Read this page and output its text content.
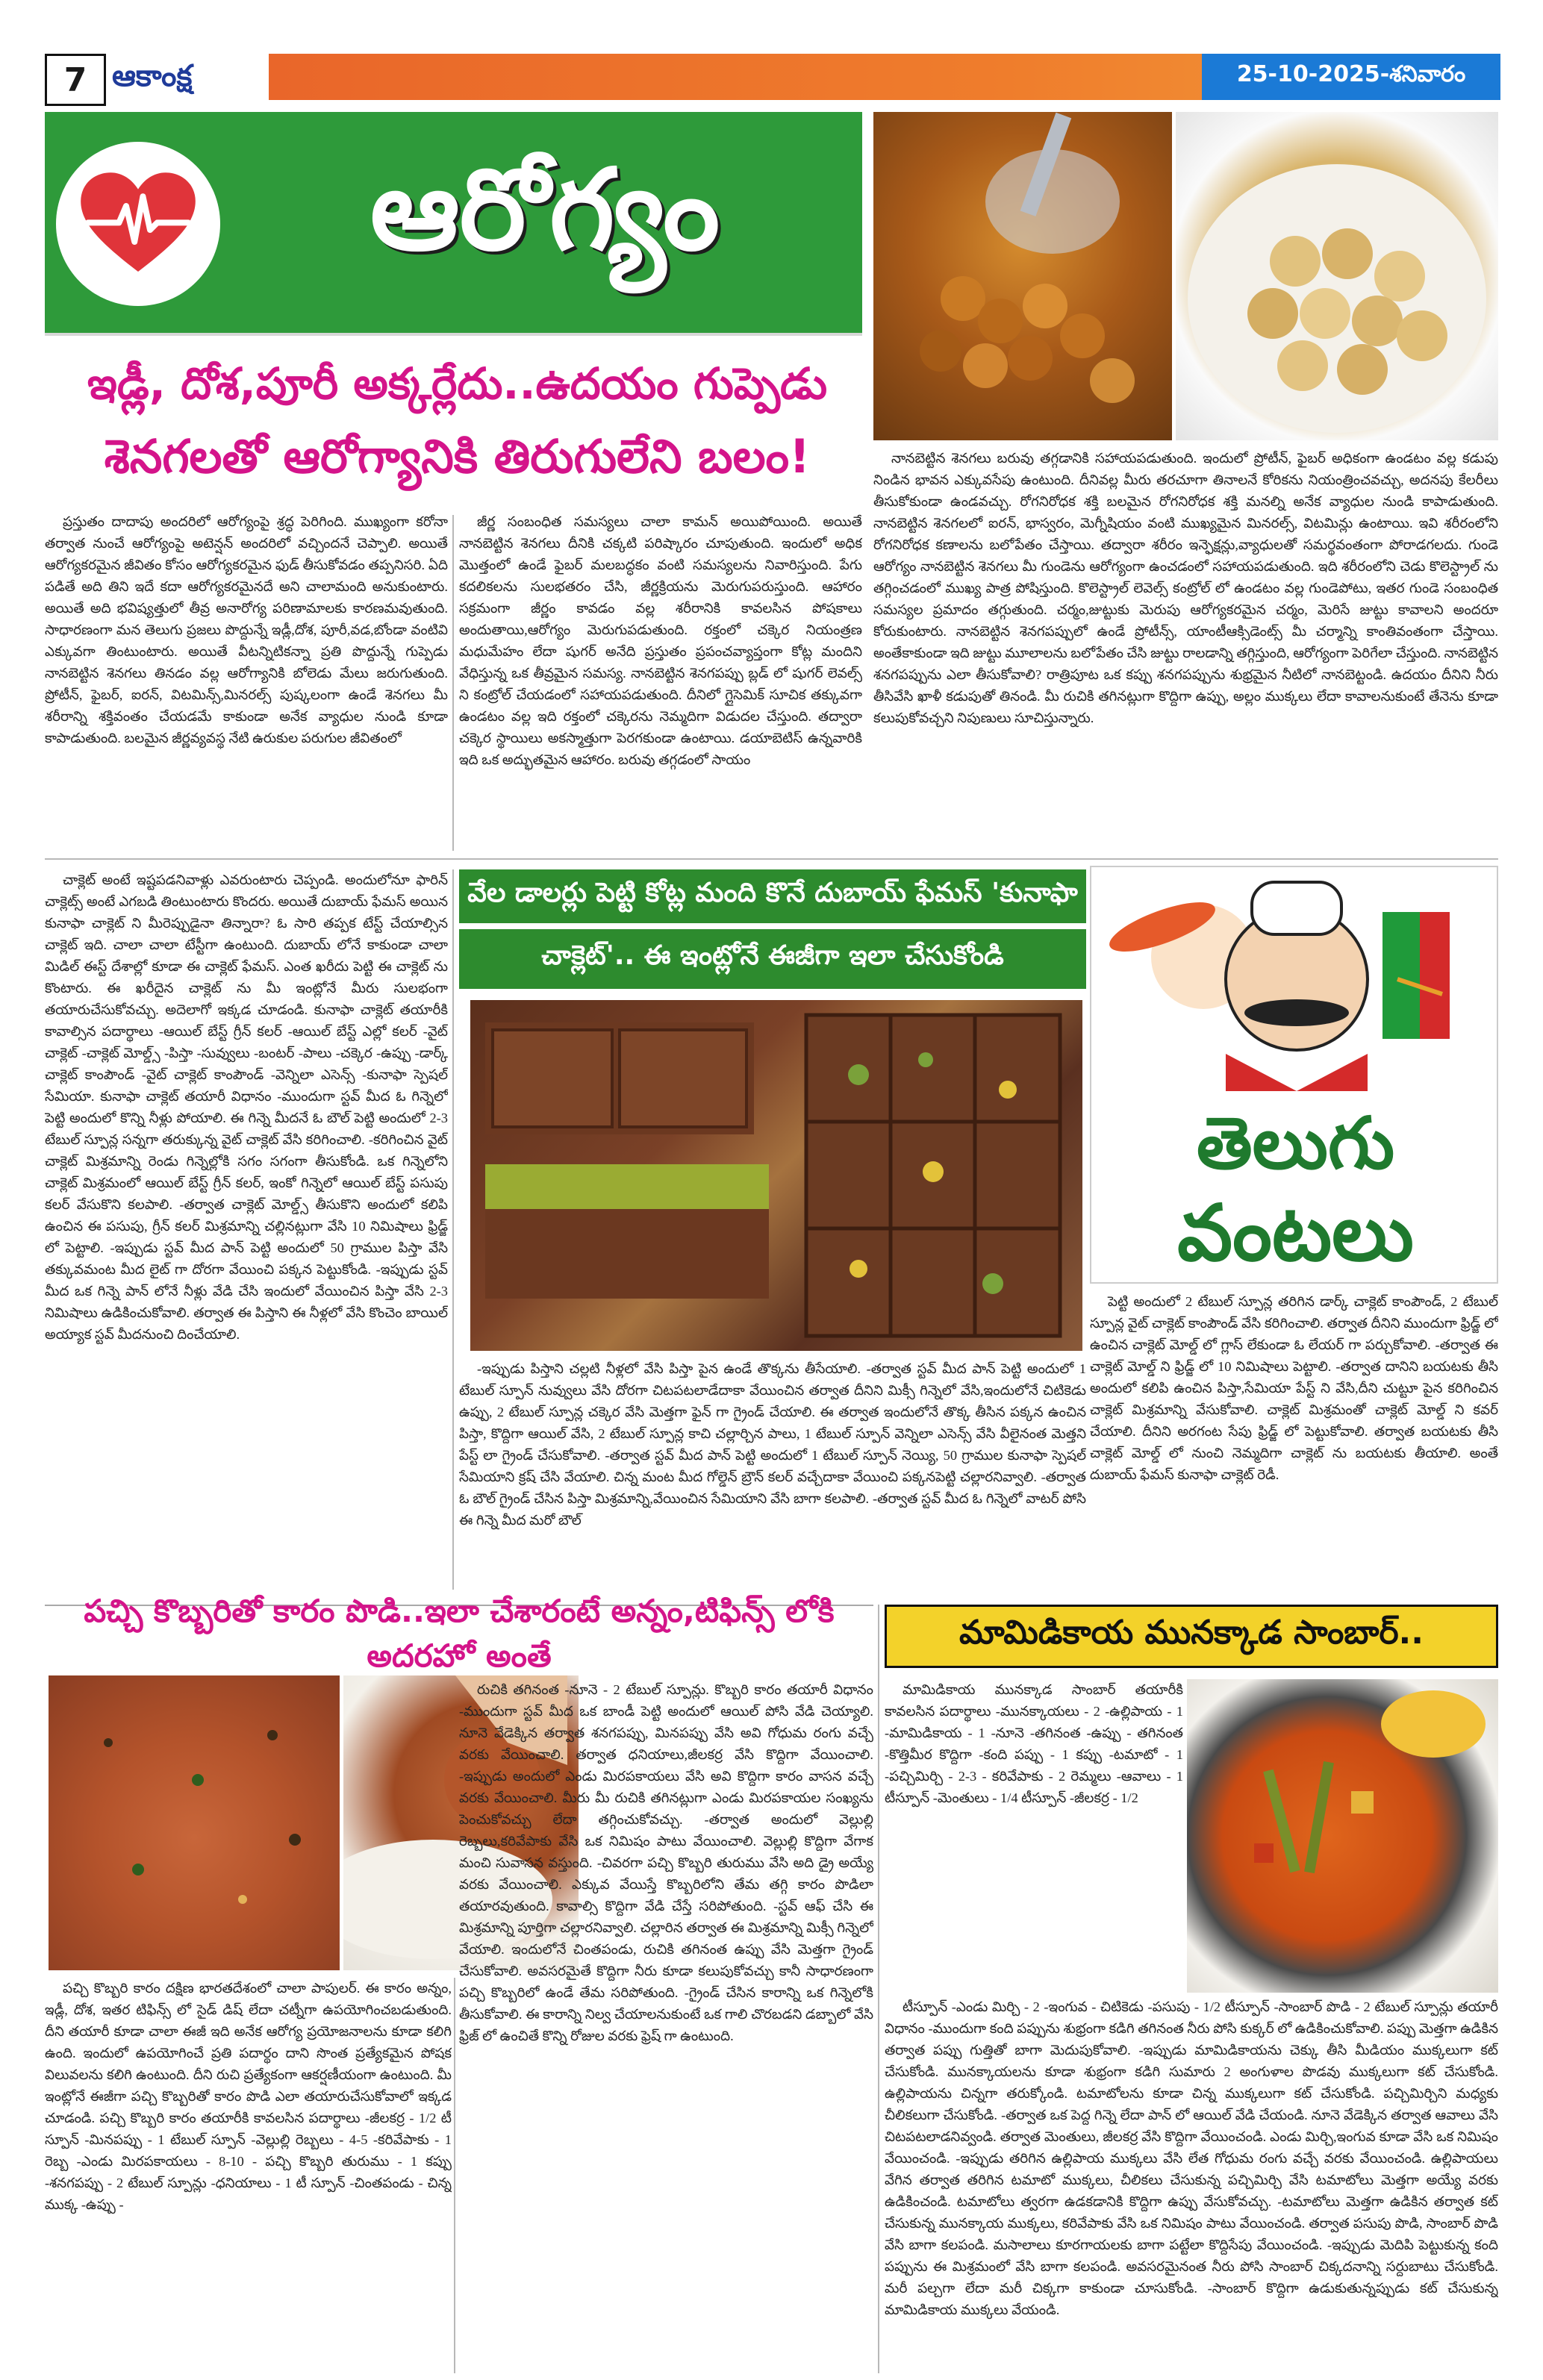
7 ఆకాంక్ష	25-10-2025-శనివారం
ఆరోగ్యం
ఇడ్లీ, దోశ,పూరీ అక్కర్లేదు..ఉదయం గుప్పెడు
శెనగలతో ఆరోగ్యానికి తిరుగులేని బలం!

ప్రస్తుతం దాదాపు అందరిలో ఆరోగ్యంపై శ్రద్ధ పెరిగింది. ముఖ్యంగా కరోనా తర్వాత నుంచే ఆరోగ్యంపై అటెన్షన్ అందరిలో వచ్చిందనే చెప్పాలి. అయితే ఆరోగ్యకరమైన జీవితం కోసం ఆరోగ్యకరమైన ఫుడ్ తీసుకోవడం తప్పనిసరి. ఏది పడితే అది తిని ఇదే కదా ఆరోగ్యకరమైనదే అని చాలామంది అనుకుంటారు. అయితే అది భవిష్యత్తులో తీవ్ర అనారోగ్య పరిణామాలకు కారణమవుతుంది. సాధారణంగా మన తెలుగు ప్రజలు పొద్దున్నే ఇడ్లీ,దోశ, పూరీ,వడ,బోండా వంటివి ఎక్కువగా తింటుంటారు. అయితే వీటన్నిటికన్నా ప్రతి పొద్దున్నే గుప్పెడు నానబెట్టిన శెనగలు తినడం వల్ల ఆరోగ్యానికి బోలెడు మేలు జరుగుతుంది. ప్రోటీన్, ఫైబర్, ఐరన్, విటమిన్స్,మినరల్స్ పుష్కలంగా ఉండే శెనగలు మీ శరీరాన్ని శక్తివంతం చేయడమే కాకుండా అనేక వ్యాధుల నుండి కూడా కాపాడుతుంది. బలమైన జీర్ణవ్యవస్థ నేటి ఉరుకుల పరుగుల జీవితంలో

జీర్ణ సంబంధిత సమస్యలు చాలా కామన్ అయిపోయింది. అయితే నానబెట్టిన శెనగలు దీనికి చక్కటి పరిష్కారం చూపుతుంది. ఇందులో అధిక మొత్తంలో ఉండే ఫైబర్ మలబద్ధకం వంటి సమస్యలను నివారిస్తుంది. పేగు కదలికలను సులభతరం చేసి, జీర్ణక్రియను మెరుగుపరుస్తుంది. ఆహారం సక్రమంగా జీర్ణం కావడం వల్ల శరీరానికి కావలసిన పోషకాలు అందుతాయి,ఆరోగ్యం మెరుగుపడుతుంది. రక్తంలో చక్కెర నియంత్రణ మధుమేహం లేదా షుగర్ అనేది ప్రస్తుతం ప్రపంచవ్యాప్తంగా కోట్ల మందిని వేధిస్తున్న ఒక తీవ్రమైన సమస్య. నానబెట్టిన శెనగపప్పు బ్లడ్ లో షుగర్ లెవల్స్ ని కంట్రోల్ చేయడంలో సహాయపడుతుంది. దీనిలో గ్లైసెమిక్ సూచిక తక్కువగా ఉండటం వల్ల ఇది రక్తంలో చక్కెరను నెమ్మదిగా విడుదల చేస్తుంది. తద్వారా చక్కెర స్థాయిలు అకస్మాత్తుగా పెరగకుండా ఉంటాయి. డయాబెటిస్ ఉన్నవారికి ఇది ఒక అద్భుతమైన ఆహారం. బరువు తగ్గడంలో సాయం

నానబెట్టిన శెనగలు బరువు తగ్గడానికి సహాయపడుతుంది. ఇందులో ప్రోటీన్, ఫైబర్ అధికంగా ఉండటం వల్ల కడుపు నిండిన భావన ఎక్కువసేపు ఉంటుంది. దీనివల్ల మీరు తరచూగా తినాలనే కోరికను నియంత్రించవచ్చు, అదనపు కేలరీలు తీసుకోకుండా ఉండవచ్చు. రోగనిరోధక శక్తి బలమైన రోగనిరోధక శక్తి మనల్ని అనేక వ్యాధుల నుండి కాపాడుతుంది. నానబెట్టిన శెనగలలో ఐరన్, భాస్వరం, మెగ్నీషియం వంటి ముఖ్యమైన మినరల్స్, విటమిన్లు ఉంటాయి. ఇవి శరీరంలోని రోగనిరోధక కణాలను బలోపేతం చేస్తాయి. తద్వారా శరీరం ఇన్ఫెక్షన్లు,వ్యాధులతో సమర్థవంతంగా పోరాడగలదు. గుండె ఆరోగ్యం నానబెట్టిన శెనగలు మీ గుండెను ఆరోగ్యంగా ఉంచడంలో సహాయపడుతుంది. ఇది శరీరంలోని చెడు కొలెస్ట్రాల్ ను తగ్గించడంలో ముఖ్య పాత్ర పోషిస్తుంది. కొలెస్ట్రాల్ లెవెల్స్ కంట్రోల్ లో ఉండటం వల్ల గుండెపోటు, ఇతర గుండె సంబంధిత సమస్యల ప్రమాదం తగ్గుతుంది. చర్మం,జుట్టుకు మెరుపు ఆరోగ్యకరమైన చర్మం, మెరిసే జుట్టు కావాలని అందరూ కోరుకుంటారు. నానబెట్టిన శెనగపప్పులో ఉండే ప్రోటీన్స్, యాంటీఆక్సిడెంట్స్ మీ చర్మాన్ని కాంతివంతంగా చేస్తాయి. అంతేకాకుండా ఇది జుట్టు మూలాలను బలోపేతం చేసి జుట్టు రాలడాన్ని తగ్గిస్తుంది, ఆరోగ్యంగా పెరిగేలా చేస్తుంది. నానబెట్టిన శనగపప్పును ఎలా తీసుకోవాలి? రాత్రిపూట ఒక కప్పు శనగపప్పును శుభ్రమైన నీటిలో నానబెట్టండి. ఉదయం దీనిని నీరు తీసివేసి ఖాళీ కడుపుతో తినండి. మీ రుచికి తగినట్లుగా కొద్దిగా ఉప్పు, అల్లం ముక్కలు లేదా కావాలనుకుంటే తేనెను కూడా కలుపుకోవచ్చని నిపుణులు సూచిస్తున్నారు.

చాక్లెట్ అంటే ఇష్టపడనివాళ్లు ఎవరుంటారు చెప్పండి. అందులోనూ ఫారిన్ చాక్లెట్స్ అంటే ఎగబడి తింటుంటారు కొందరు. అయితే దుబాయ్ ఫేమస్ అయిన కునాఫా చాక్లెట్ ని మీరెప్పుడైనా తిన్నారా? ఓ సారి తప్పక టేస్ట్ చేయాల్సిన చాక్లెట్ ఇది. చాలా చాలా టేస్టీగా ఉంటుంది. దుబాయ్ లోనే కాకుండా చాలా మిడిల్ ఈస్ట్ దేశాల్లో కూడా ఈ చాక్లెట్ ఫేమస్. ఎంత ఖరీదు పెట్టి ఈ చాక్లెట్ ను కొంటారు. ఈ ఖరీదైన చాక్లెట్ ను మీ ఇంట్లోనే మీరు సులభంగా తయారుచేసుకోవచ్చు. అదెలాగో ఇక్కడ చూడండి. కునాఫా చాక్లెట్ తయారీకి కావాల్సిన పదార్థాలు -ఆయిల్ బేస్ట్ గ్రీన్ కలర్ -ఆయిల్ బేస్ట్ ఎల్లో కలర్ -వైట్ చాక్లెట్ -చాక్లెట్ మోల్డ్స్ -పిస్తా -సువ్వులు -బంటర్ -పాలు -చక్కెర -ఉప్పు -డార్క్ చాక్లెట్ కాంపౌండ్ -వైట్ చాక్లెట్ కాంపౌండ్ -వెన్నిలా ఎసెన్స్ -కునాఫా స్పెషల్ సేమియా. కునాఫా చాక్లెట్ తయారీ విధానం -ముందుగా స్టవ్ మీద ఓ గిన్నెలో పెట్టి అందులో కొన్ని నీళ్లు పోయాలి. ఈ గిన్నె మీదనే ఓ బౌల్ పెట్టి అందులో 2-3 టేబుల్ స్పూన్ల సన్నగా తరుక్కున్న వైట్ చాక్లెట్ వేసి కరిగించాలి. -కరిగించిన వైట్ చాక్లెట్ మిశ్రమాన్ని రెండు గిన్నెల్లోకి సగం సగంగా తీసుకోండి. ఒక గిన్నెలోని చాక్లెట్ మిశ్రమంలో ఆయిల్ బేస్ట్ గ్రీన్ కలర్, ఇంకో గిన్నెలో ఆయిల్ బేస్ట్ పసుపు కలర్ వేసుకొని కలపాలి. -తర్వాత చాక్లెట్ మోల్డ్స్ తీసుకొని అందులో కలిపి ఉంచిన ఈ పసుపు, గ్రీన్ కలర్ మిశ్రమాన్ని చల్లినట్లుగా వేసి 10 నిమిషాలు ఫ్రిడ్జ్ లో పెట్టాలి. -ఇప్పుడు స్టవ్ మీద పాన్ పెట్టి అందులో 50 గ్రాముల పిస్తా వేసి తక్కువమంట మీద లైట్ గా దోరగా వేయించి పక్కన పెట్టుకోండి. -ఇప్పుడు స్టవ్ మీద ఒక గిన్నె పాన్ లోనే నీళ్లు వేడి చేసి ఇందులో వేయించిన పిస్తా వేసి 2-3 నిమిషాలు ఉడికించుకోవాలి. తర్వాత ఈ పిస్తాని ఈ నీళ్లలో వేసి కొంచెం బాయిల్ అయ్యాక స్టవ్ మీదనుంచి దించేయాలి.

వేల డాలర్లు పెట్టి కోట్ల మంది కొనే దుబాయ్ ఫేమస్ 'కునాఫా
చాక్లెట్'.. ఈ ఇంట్లోనే ఈజీగా ఇలా చేసుకోండి
తెలుగు
వంటలు

-ఇప్పుడు పిస్తాని చల్లటి నీళ్లలో వేసి పిస్తా పైన ఉండే తొక్కను తీసేయాలి. -తర్వాత స్టవ్ మీద పాన్ పెట్టి అందులో 1 టేబుల్ స్పూన్ నువ్వులు వేసి దోరగా చిటపటలాడేదాకా వేయించిన తర్వాత దీనిని మిక్సీ గిన్నెలో వేసి,ఇందులోనే చిటికెడు ఉప్పు, 2 టేబుల్ స్పూన్ల చక్కెర వేసి మెత్తగా ఫైన్ గా గ్రైండ్ చేయాలి. ఈ తర్వాత ఇందులోనే తొక్క తీసిన పక్కన ఉంచిన పిస్తా, కొద్దిగా ఆయిల్ వేసి, 2 టేబుల్ స్పూన్ల కాచి చల్లార్చిన పాలు, 1 టేబుల్ స్పూన్ వెన్నిలా ఎసెన్స్ వేసి వీలైనంత మెత్తని పేస్ట్ లా గ్రైండ్ చేసుకోవాలి. -తర్వాత స్టవ్ మీద పాన్ పెట్టి అందులో 1 టేబుల్ స్పూన్ నెయ్యి, 50 గ్రాముల కునాఫా స్పెషల్ సేమియాని క్రష్ చేసి వేయాలి. చిన్న మంట మీద గోల్డెన్ బ్రౌన్ కలర్ వచ్చేదాకా వేయించి పక్కనపెట్టి చల్లారనివ్వాలి. -తర్వాత ఓ బౌల్ గ్రైండ్ చేసిన పిస్తా మిశ్రమాన్ని,వేయించిన సేమియాని వేసి బాగా కలపాలి. -తర్వాత స్టవ్ మీద ఓ గిన్నెలో వాటర్ పోసి ఈ గిన్నె మీద మరో బౌల్

పెట్టి అందులో 2 టేబుల్ స్పూన్ల తరిగిన డార్క్ చాక్లెట్ కాంపౌండ్, 2 టేబుల్ స్పూన్ల వైట్ చాక్లెట్ కాంపౌండ్ వేసి కరిగించాలి. తర్వాత దీనిని ముందుగా ఫ్రిడ్జ్ లో ఉంచిన చాక్లెట్ మోల్డ్ లో గ్లాస్ లేకుండా ఓ లేయర్ గా పర్చుకోవాలి. -తర్వాత ఈ చాక్లెట్ మోల్డ్ ని ఫ్రిడ్జ్ లో 10 నిమిషాలు పెట్టాలి. -తర్వాత దానిని బయటకు తీసి అందులో కలిపి ఉంచిన పిస్తా,సేమియా పేస్ట్ ని వేసి,దీని చుట్టూ పైన కరిగించిన చాక్లెట్ మిశ్రమాన్ని వేసుకోవాలి. చాక్లెట్ మిశ్రమంతో చాక్లెట్ మోల్డ్ ని కవర్ చేయాలి. దీనిని అరగంట సేపు ఫ్రిడ్జ్ లో పెట్టుకోవాలి. తర్వాత బయటకు తీసి చాక్లెట్ మోల్డ్ లో నుంచి నెమ్మదిగా చాక్లెట్ ను బయటకు తీయాలి. అంతే దుబాయ్ ఫేమస్ కునాఫా చాక్లెట్ రెడీ.

పచ్చి కొబ్బరితో కారం పొడి..ఇలా చేశారంటే అన్నం,టిఫిన్స్ లోకి అదరహో అంతే

పచ్చి కొబ్బరి కారం దక్షిణ భారతదేశంలో చాలా పాపులర్. ఈ కారం అన్నం, ఇడ్లీ, దోశ, ఇతర టిఫిన్స్ లో సైడ్ డిష్ లేదా చట్నీగా ఉపయోగించబడుతుంది. దీని తయారీ కూడా చాలా ఈజీ ఇది అనేక ఆరోగ్య ప్రయోజనాలను కూడా కలిగి ఉంది. ఇందులో ఉపయోగించే ప్రతి పదార్థం దాని సొంత ప్రత్యేకమైన పోషక విలువలను కలిగి ఉంటుంది. దీని రుచి ప్రత్యేకంగా ఆకర్షణీయంగా ఉంటుంది. మీ ఇంట్లోనే ఈజీగా పచ్చి కొబ్బరితో కారం పొడి ఎలా తయారుచేసుకోవాలో ఇక్కడ చూడండి. పచ్చి కొబ్బరి కారం తయారీకి కావలసిన పదార్థాలు -జీలకర్ర - 1/2 టీ స్పూన్ -మినపప్పు - 1 టేబుల్ స్పూన్ -వెల్లుల్లి రెబ్బలు - 4-5 -కరివేపాకు - 1 రెబ్బ -ఎండు మిరపకాయలు - 8-10 - పచ్చి కొబ్బరి తురుము - 1 కప్పు -శనగపప్పు - 2 టేబుల్ స్పూన్లు -ధనియాలు - 1 టీ స్పూన్ -చింతపండు - చిన్న ముక్క -ఉప్పు -

రుచికి తగినంత -నూనె - 2 టేబుల్ స్పూన్లు. కొబ్బరి కారం తయారీ విధానం -ముందుగా స్టవ్ మీద ఒక బాండీ పెట్టి అందులో ఆయిల్ పోసి వేడి చెయ్యాలి. నూనె వేడెక్కిన తర్వాత శనగపప్పు, మినపప్పు వేసి అవి గోధుమ రంగు వచ్చే వరకు వేయించాలి. తర్వాత ధనియాలు,జీలకర్ర వేసి కొద్దిగా వేయించాలి. -ఇప్పుడు అందులో ఎండు మిరపకాయలు వేసి అవి కొద్దిగా కారం వాసన వచ్చే వరకు వేయించాలి. మీరు మీ రుచికి తగినట్లుగా ఎండు మిరపకాయల సంఖ్యను పెంచుకోవచ్చు లేదా తగ్గించుకోవచ్చు. -తర్వాత అందులో వెల్లుల్లి రెబ్బలు,కరివేపాకు వేసి ఒక నిమిషం పాటు వేయించాలి. వెల్లుల్లి కొద్దిగా వేగాక మంచి సువాసన వస్తుంది. -చివరగా పచ్చి కొబ్బరి తురుము వేసి అది డ్రై అయ్యే వరకు వేయించాలి. ఎక్కువ వేయిస్తే కొబ్బరిలోని తేమ తగ్గి కారం పొడిలా తయారవుతుంది. కావాల్సి కొద్దిగా వేడి చేస్తే సరిపోతుంది. -స్టవ్ ఆఫ్ చేసి ఈ మిశ్రమాన్ని పూర్తిగా చల్లారనివ్వాలి. చల్లారిన తర్వాత ఈ మిశ్రమాన్ని మిక్సీ గిన్నెలో వేయాలి. ఇందులోనే చింతపండు, రుచికి తగినంత ఉప్పు వేసి మెత్తగా గ్రైండ్ చేసుకోవాలి. అవసరమైతే కొద్దిగా నీరు కూడా కలుపుకోవచ్చు కానీ సాధారణంగా పచ్చి కొబ్బరిలో ఉండే తేమ సరిపోతుంది. -గ్రైండ్ చేసిన కారాన్ని ఒక గిన్నెలోకి తీసుకోవాలి. ఈ కారాన్ని నిల్వ చేయాలనుకుంటే ఒక గాలి చొరబడని డబ్బాలో వేసి ఫ్రిజ్ లో ఉంచితే కొన్ని రోజుల వరకు ఫ్రెష్ గా ఉంటుంది.

మామిడికాయ మునక్కాడ సాంబార్..

మామిడికాయ మునక్కాడ సాంబార్ తయారీకి కావలసిన పదార్థాలు -మునక్కాయలు - 2 -ఉల్లిపాయ - 1 -మామిడికాయ - 1 -నూనె -తగినంత -ఉప్పు - తగినంత -కొత్తిమీర కొద్దిగా -కంది పప్పు - 1 కప్పు -టమాటో - 1 -పచ్చిమిర్చి - 2-3 - కరివేపాకు - 2 రెమ్మలు -ఆవాలు - 1 టీస్పూన్ -మెంతులు - 1/4 టీస్పూన్ -జీలకర్ర - 1/2

టీస్పూన్ -ఎండు మిర్చి - 2 -ఇంగువ - చిటికెడు -పసుపు - 1/2 టీస్పూన్ -సాంబార్ పొడి - 2 టేబుల్ స్పూన్లు తయారీ విధానం -ముందుగా కంది పప్పును శుభ్రంగా కడిగి తగినంత నీరు పోసి కుక్కర్ లో ఉడికించుకోవాలి. పప్పు మెత్తగా ఉడికిన తర్వాత పప్పు గుత్తితో బాగా మెదుపుకోవాలి. -ఇప్పుడు మామిడికాయను చెక్కు తీసి మీడియం ముక్కలుగా కట్ చేసుకోండి. మునక్కాయలను కూడా శుభ్రంగా కడిగి సుమారు 2 అంగుళాల పొడవు ముక్కలుగా కట్ చేసుకోండి. ఉల్లిపాయను చిన్నగా తరుక్కోండి. టమాటోలను కూడా చిన్న ముక్కలుగా కట్ చేసుకోండి. పచ్చిమిర్చిని మధ్యకు చీలికలుగా చేసుకోండి. -తర్వాత ఒక పెద్ద గిన్నె లేదా పాన్ లో ఆయిల్ వేడి చేయండి. నూనె వేడెక్కిన తర్వాత ఆవాలు వేసి చిటపటలాడనివ్వండి. తర్వాత మెంతులు, జీలకర్ర వేసి కొద్దిగా వేయించండి. ఎండు మిర్చి,ఇంగువ కూడా వేసి ఒక నిమిషం వేయించండి. -ఇప్పుడు తరిగిన ఉల్లిపాయ ముక్కలు వేసి లేత గోధుమ రంగు వచ్చే వరకు వేయించండి. ఉల్లిపాయలు వేగిన తర్వాత తరిగిన టమాటో ముక్కలు, చీలికలు చేసుకున్న పచ్చిమిర్చి వేసి టమాటోలు మెత్తగా అయ్యే వరకు ఉడికించండి. టమాటోలు త్వరగా ఉడకడానికి కొద్దిగా ఉప్పు వేసుకోవచ్చు. -టమాటోలు మెత్తగా ఉడికిన తర్వాత కట్ చేసుకున్న మునక్కాయ ముక్కలు, కరివేపాకు వేసి ఒక నిమిషం పాటు వేయించండి. తర్వాత పసుపు పొడి, సాంబార్ పొడి వేసి బాగా కలపండి. మసాలాలు కూరగాయలకు బాగా పట్టేలా కొద్దిసేపు వేయించండి. -ఇప్పుడు మెదిపి పెట్టుకున్న కంది పప్పును ఈ మిశ్రమంలో వేసి బాగా కలపండి. అవసరమైనంత నీరు పోసి సాంబార్ చిక్కదనాన్ని సర్దుబాటు చేసుకోండి. మరీ పల్చగా లేదా మరీ చిక్కగా కాకుండా చూసుకోండి. -సాంబార్ కొద్దిగా ఉడుకుతున్నప్పుడు కట్ చేసుకున్న మామిడికాయ ముక్కలు వేయండి.
